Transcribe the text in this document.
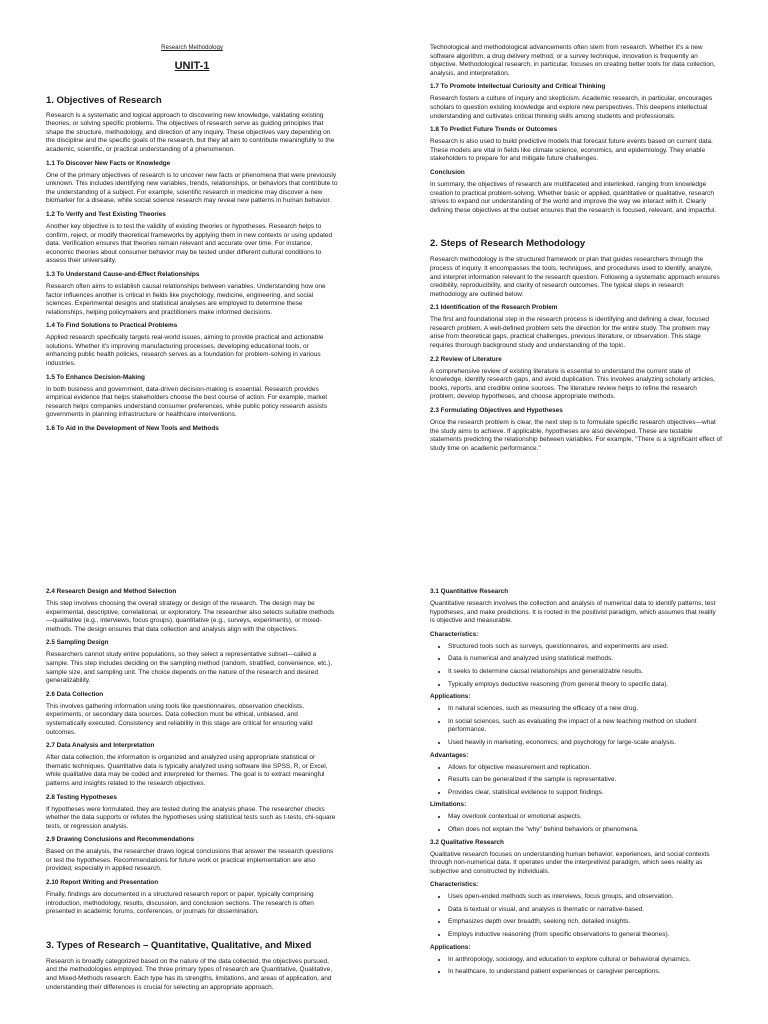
Research Methodology
UNIT-1
1. Objectives of Research

Research is a systematic and logical approach to discovering new knowledge, validating existing theories, or solving specific problems. The objectives of research serve as guiding principles that shape the structure, methodology, and direction of any inquiry. These objectives vary depending on the discipline and the specific goals of the research, but they all aim to contribute meaningfully to the academic, scientific, or practical understanding of a phenomenon.

1.1 To Discover New Facts or Knowledge

One of the primary objectives of research is to uncover new facts or phenomena that were previously unknown. This includes identifying new variables, trends, relationships, or behaviors that contribute to the understanding of a subject. For example, scientific research in medicine may discover a new biomarker for a disease, while social science research may reveal new patterns in human behavior.

1.2 To Verify and Test Existing Theories

Another key objective is to test the validity of existing theories or hypotheses. Research helps to confirm, reject, or modify theoretical frameworks by applying them in new contexts or using updated data. Verification ensures that theories remain relevant and accurate over time. For instance, economic theories about consumer behavior may be tested under different cultural conditions to assess their universality.

1.3 To Understand Cause-and-Effect Relationships

Research often aims to establish causal relationships between variables. Understanding how one factor influences another is critical in fields like psychology, medicine, engineering, and social sciences. Experimental designs and statistical analyses are employed to determine these relationships, helping policymakers and practitioners make informed decisions.

1.4 To Find Solutions to Practical Problems

Applied research specifically targets real-world issues, aiming to provide practical and actionable solutions. Whether it's improving manufacturing processes, developing educational tools, or enhancing public health policies, research serves as a foundation for problem-solving in various industries.

1.5 To Enhance Decision-Making

In both business and government, data-driven decision-making is essential. Research provides empirical evidence that helps stakeholders choose the best course of action. For example, market research helps companies understand consumer preferences, while public policy research assists governments in planning infrastructure or healthcare interventions.

1.6 To Aid in the Development of New Tools and Methods

Technological and methodological advancements often stem from research. Whether it's a new software algorithm, a drug delivery method, or a survey technique, innovation is frequently an objective. Methodological research, in particular, focuses on creating better tools for data collection, analysis, and interpretation.

1.7 To Promote Intellectual Curiosity and Critical Thinking

Research fosters a culture of inquiry and skepticism. Academic research, in particular, encourages scholars to question existing knowledge and explore new perspectives. This deepens intellectual understanding and cultivates critical thinking skills among students and professionals.

1.8 To Predict Future Trends or Outcomes

Research is also used to build predictive models that forecast future events based on current data. These models are vital in fields like climate science, economics, and epidemiology. They enable stakeholders to prepare for and mitigate future challenges.

Conclusion

In summary, the objectives of research are multifaceted and interlinked, ranging from knowledge creation to practical problem-solving. Whether basic or applied, quantitative or qualitative, research strives to expand our understanding of the world and improve the way we interact with it. Clearly defining these objectives at the outset ensures that the research is focused, relevant, and impactful.

2. Steps of Research Methodology

Research methodology is the structured framework or plan that guides researchers through the process of inquiry. It encompasses the tools, techniques, and procedures used to identify, analyze, and interpret information relevant to the research question. Following a systematic approach ensures credibility, reproducibility, and clarity of research outcomes. The typical steps in research methodology are outlined below:

2.1 Identification of the Research Problem

The first and foundational step in the research process is identifying and defining a clear, focused research problem. A well-defined problem sets the direction for the entire study. The problem may arise from theoretical gaps, practical challenges, previous literature, or observation. This stage requires thorough background study and understanding of the topic.

2.2 Review of Literature

A comprehensive review of existing literature is essential to understand the current state of knowledge, identify research gaps, and avoid duplication. This involves analyzing scholarly articles, books, reports, and credible online sources. The literature review helps to refine the research problem, develop hypotheses, and choose appropriate methods.

2.3 Formulating Objectives and Hypotheses

Once the research problem is clear, the next step is to formulate specific research objectives—what the study aims to achieve. If applicable, hypotheses are also developed. These are testable statements predicting the relationship between variables. For example, "There is a significant effect of study time on academic performance."

2.4 Research Design and Method Selection

This step involves choosing the overall strategy or design of the research. The design may be experimental, descriptive, correlational, or exploratory. The researcher also selects suitable methods—qualitative (e.g., interviews, focus groups), quantitative (e.g., surveys, experiments), or mixed-methods. The design ensures that data collection and analysis align with the objectives.

2.5 Sampling Design

Researchers cannot study entire populations, so they select a representative subset—called a sample. This step includes deciding on the sampling method (random, stratified, convenience, etc.), sample size, and sampling unit. The choice depends on the nature of the research and desired generalizability.

2.6 Data Collection

This involves gathering information using tools like questionnaires, observation checklists, experiments, or secondary data sources. Data collection must be ethical, unbiased, and systematically executed. Consistency and reliability in this stage are critical for ensuring valid outcomes.

2.7 Data Analysis and Interpretation

After data collection, the information is organized and analyzed using appropriate statistical or thematic techniques. Quantitative data is typically analyzed using software like SPSS, R, or Excel, while qualitative data may be coded and interpreted for themes. The goal is to extract meaningful patterns and insights related to the research objectives.

2.8 Testing Hypotheses

If hypotheses were formulated, they are tested during the analysis phase. The researcher checks whether the data supports or refutes the hypotheses using statistical tests such as t-tests, chi-square tests, or regression analysis.

2.9 Drawing Conclusions and Recommendations

Based on the analysis, the researcher draws logical conclusions that answer the research questions or test the hypotheses. Recommendations for future work or practical implementation are also provided, especially in applied research.

2.10 Report Writing and Presentation

Finally, findings are documented in a structured research report or paper, typically comprising introduction, methodology, results, discussion, and conclusion sections. The research is often presented in academic forums, conferences, or journals for dissemination.

3. Types of Research – Quantitative, Qualitative, and Mixed

Research is broadly categorized based on the nature of the data collected, the objectives pursued, and the methodologies employed. The three primary types of research are Quantitative, Qualitative, and Mixed-Methods research. Each type has its strengths, limitations, and areas of application, and understanding their differences is crucial for selecting an appropriate approach.

3.1 Quantitative Research

Quantitative research involves the collection and analysis of numerical data to identify patterns, test hypotheses, and make predictions. It is rooted in the positivist paradigm, which assumes that reality is objective and measurable.

Characteristics:
• Structured tools such as surveys, questionnaires, and experiments are used.
• Data is numerical and analyzed using statistical methods.
• It seeks to determine causal relationships and generalizable results.
• Typically employs deductive reasoning (from general theory to specific data).
Applications:
• In natural sciences, such as measuring the efficacy of a new drug.
• In social sciences, such as evaluating the impact of a new teaching method on student performance.
• Used heavily in marketing, economics, and psychology for large-scale analysis.
Advantages:
• Allows for objective measurement and replication.
• Results can be generalized if the sample is representative.
• Provides clear, statistical evidence to support findings.
Limitations:
• May overlook contextual or emotional aspects.
• Often does not explain the "why" behind behaviors or phenomena.
3.2 Qualitative Research

Qualitative research focuses on understanding human behavior, experiences, and social contexts through non-numerical data. It operates under the interpretivist paradigm, which sees reality as subjective and constructed by individuals.

Characteristics:
• Uses open-ended methods such as interviews, focus groups, and observation.
• Data is textual or visual, and analysis is thematic or narrative-based.
• Emphasizes depth over breadth, seeking rich, detailed insights.
• Employs inductive reasoning (from specific observations to general theories).
Applications:
• In anthropology, sociology, and education to explore cultural or behavioral dynamics.
• In healthcare, to understand patient experiences or caregiver perceptions.
